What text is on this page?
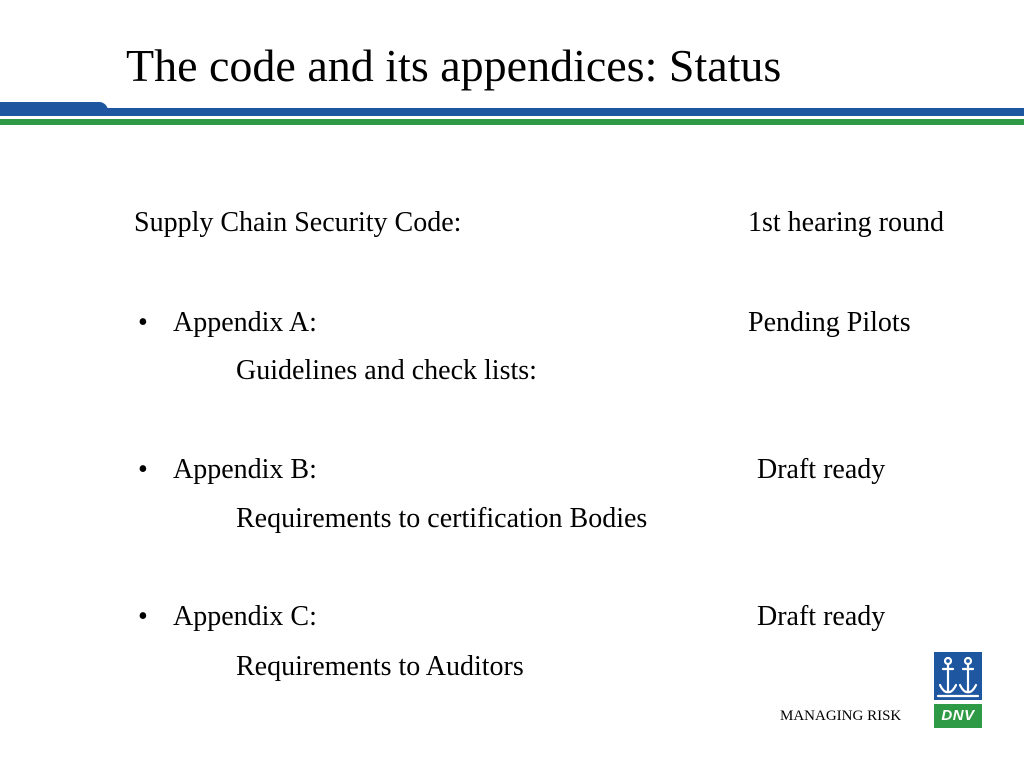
The code and its appendices: Status
Supply Chain Security Code:	1st hearing round
• Appendix A:	Pending Pilots
Guidelines and check lists:
• Appendix B:	Draft ready
Requirements to certification Bodies
• Appendix C:	Draft ready
Requirements to Auditors
MANAGING RISK	DNV
